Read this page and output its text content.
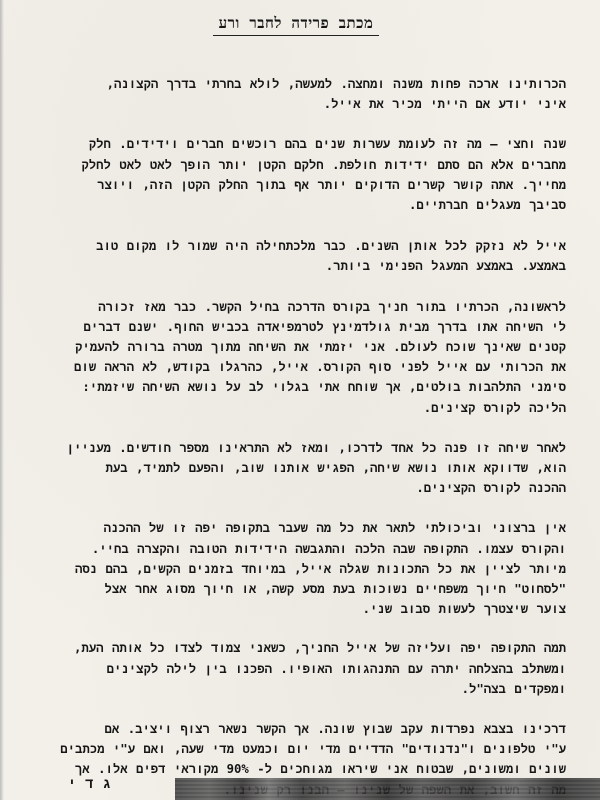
מכתב פרידה לחבר ורע

הכרותינו ארכה פחות משנה ומחצה. למעשה, לולא בחרתי בדרך הקצונה,
איני יודע אם הייתי מכיר את אייל.

שנה וחצי – מה זה לעומת עשרות שנים בהם רוכשים חברים וידידים. חלק
מחברים אלא הם סתם ידידות חולפת. חלקם הקטן יותר הופך לאט לאט לחלק
מחייך. אתה קושר קשרים הדוקים יותר אף בתוך החלק הקטן הזה, ויוצר
סביבך מעגלים חברתיים.

אייל לא נזקק לכל אותן השנים. כבר מלכתחילה היה שמור לו מקום טוב
באמצע. באמצע המעגל הפנימי ביותר.

לראשונה, הכרתיו בתור חניך בקורס הדרכה בחיל הקשר. כבר מאז זכורה
לי השיחה אתו בדרך מבית גולדמינץ לטרמפיאדה בכביש החוף. ישנם דברים
קטנים שאינך שוכח לעולם. אני יזמתי את השיחה מתוך מטרה ברורה להעמיק
את הכרותי עם אייל לפני סוף הקורס. אייל, כהרגלו בקודש, לא הראה שום
סימני התלהבות בולטים, אך שוחח אתי בגלוי לב על נושא השיחה שיזמתי:
הליכה לקורס קצינים.

לאחר שיחה זו פנה כל אחד לדרכו, ומאז לא התראינו מספר חודשים. מעניין
הוא, שדווקא אותו נושא שיחה, הפגיש אותנו שוב, והפעם לתמיד, בעת
ההכנה לקורס הקצינים.

אין ברצוני וביכולתי לתאר את כל מה שעבר בתקופה יפה זו של ההכנה
והקורס עצמו. התקופה שבה הלכה והתגבשה הידידות הטובה והקצרה בחיי.
מיותר לציין את כל התכונות שגלה אייל, במיוחד בזמנים הקשים, בהם נסה
"לסחוט" חיוך משפחיים נשוכות בעת מסע קשה, או חיוך מסוג אחר אצל
צוער שיצטרך לעשות סבוב שני.

תמה התקופה יפה ועליזה של אייל החניך, כשאני צמוד לצדו כל אותה העת,
ומשתלב בהצלחה יתרה עם התנהגותו האופיו. הפכנו בין לילה לקצינים
ומפקדים בצה"ל.

דרכינו בצבא נפרדות עקב שבוץ שונה. אך הקשר נשאר רצוף ויציב. אם
ע"י טלפונים ו"נדנודים" הדדיים מדי יום וכמעט מדי שעה, ואם ע"י מכתבים
שונים ומשונים, שבטוח אני שיראו מגוחכים ל- 90% מקוראי דפים אלו. אך

גדי
